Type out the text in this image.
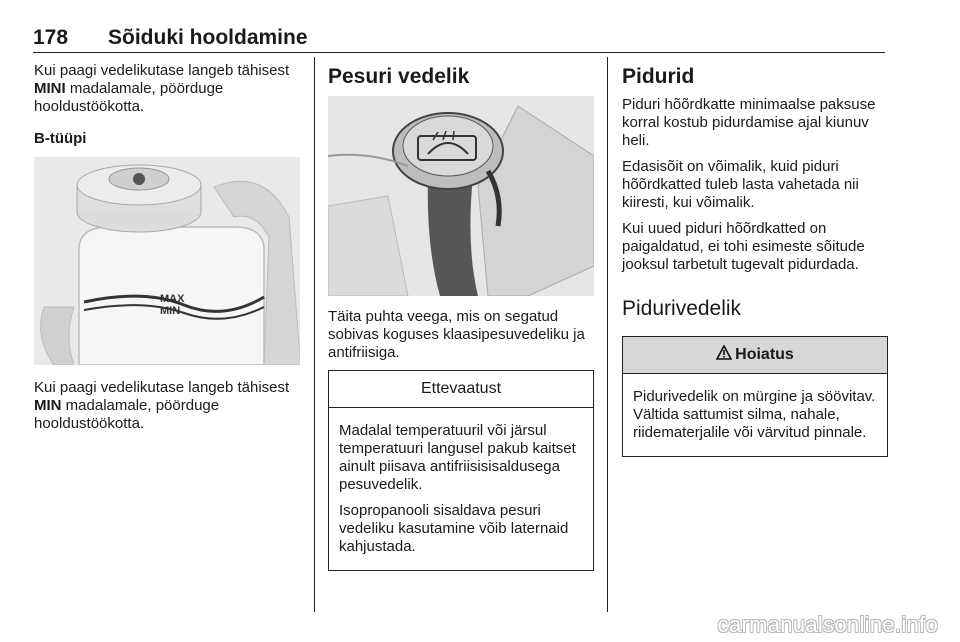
178 Sõiduki hooldamine

Kui paagi vedelikutase langeb tähisest MINI madalamale, pöörduge hooldustöökotta.

B-tüüpi
MAX
MIN

Kui paagi vedelikutase langeb tähisest MIN madalamale, pöörduge hooldustöökotta.

Pesuri vedelik

Täita puhta veega, mis on segatud sobivas koguses klaasipesuvedeliku ja antifriisiga.

Ettevaatust

Madalal temperatuuril või järsul temperatuuri langusel pakub kaitset ainult piisava antifriisisisaldusega pesuvedelik.

Isopropanooli sisaldava pesuri vedeliku kasutamine võib laternaid kahjustada.

Pidurid

Piduri hõõrdkatte minimaalse paksuse korral kostub pidurdamise ajal kiunuv heli.

Edasisõit on võimalik, kuid piduri hõõrdkatted tuleb lasta vahetada nii kiiresti, kui võimalik.

Kui uued piduri hõõrdkatted on paigaldatud, ei tohi esimeste sõitude jooksul tarbetult tugevalt pidurdada.

Pidurivedelik
Hoiatus

Pidurivedelik on mürgine ja söövitav. Vältida sattumist silma, nahale, riidematerjalile või värvitud pinnale.

carmanualsonline.info
